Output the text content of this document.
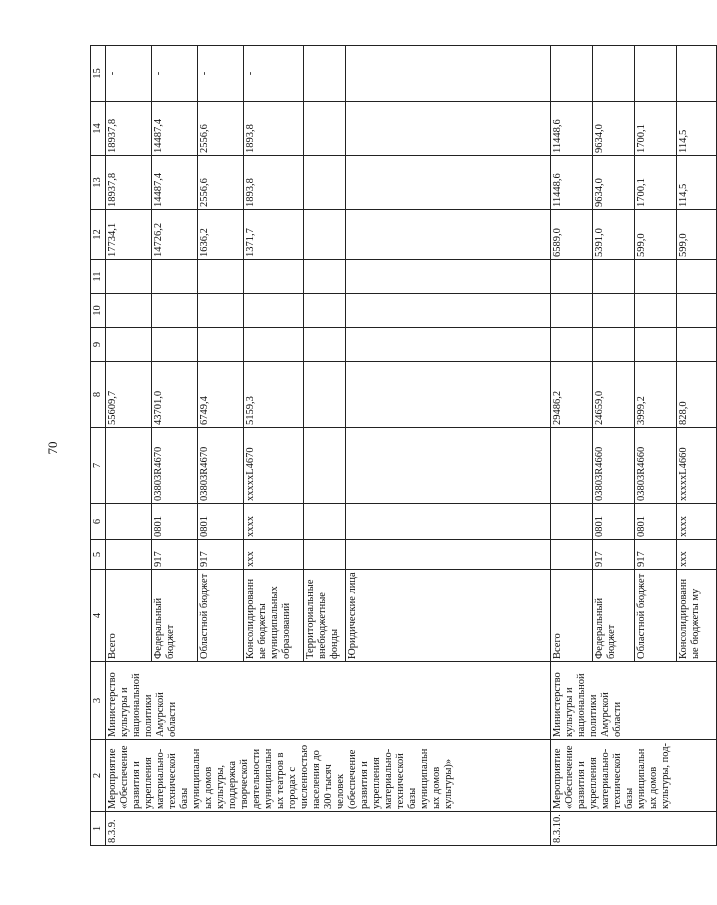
70
1	2	3	4	5	6	7	8	9	10	11	12	13	14	15
8.3.9.	Мероприятие «Обеспечение развития и укрепления материально-технической базы муниципальных домов культуры, поддержка творческой деятельности муниципальных театров в городах с численностью населения до 300 тысяч человек (обеспечение развития и укрепления материально-технической базы муниципальных домов культуры)»	Министерство культуры и национальной политики Амурской области	Всего				55609,7				17734,1	18937,8	18937,8	-
			Федеральный бюджет	917	0801	03803R4670	43701,0				14726,2	14487,4	14487,4	-
			Областной бюджет	917	0801	03803R4670	6749,4				1636,2	2556,6	2556,6	-
			Консолидированные бюджеты муниципальных образований	ххх	хххх	хххххL4670	5159,3				1371,7	1893,8	1893,8	-
			Территориальные внебюджетные фонды											
			Юридические лица											
8.3.10.	Мероприятие «Обеспечение развития и укрепления материально-технической базы муниципальных домов культуры, под-	Министерство культуры и национальной политики Амурской области	Всего				29486,2				6589,0	11448,6	11448,6	
			Федеральный бюджет	917	0801	03803R4660	24659,0				5391,0	9634,0	9634,0	
			Областной бюджет	917	0801	03803R4660	3999,2				599,0	1700,1	1700,1	
			Консолидированные бюджеты му	ххх	хххх	хххххL4660	828,0				599,0	114,5	114,5	
